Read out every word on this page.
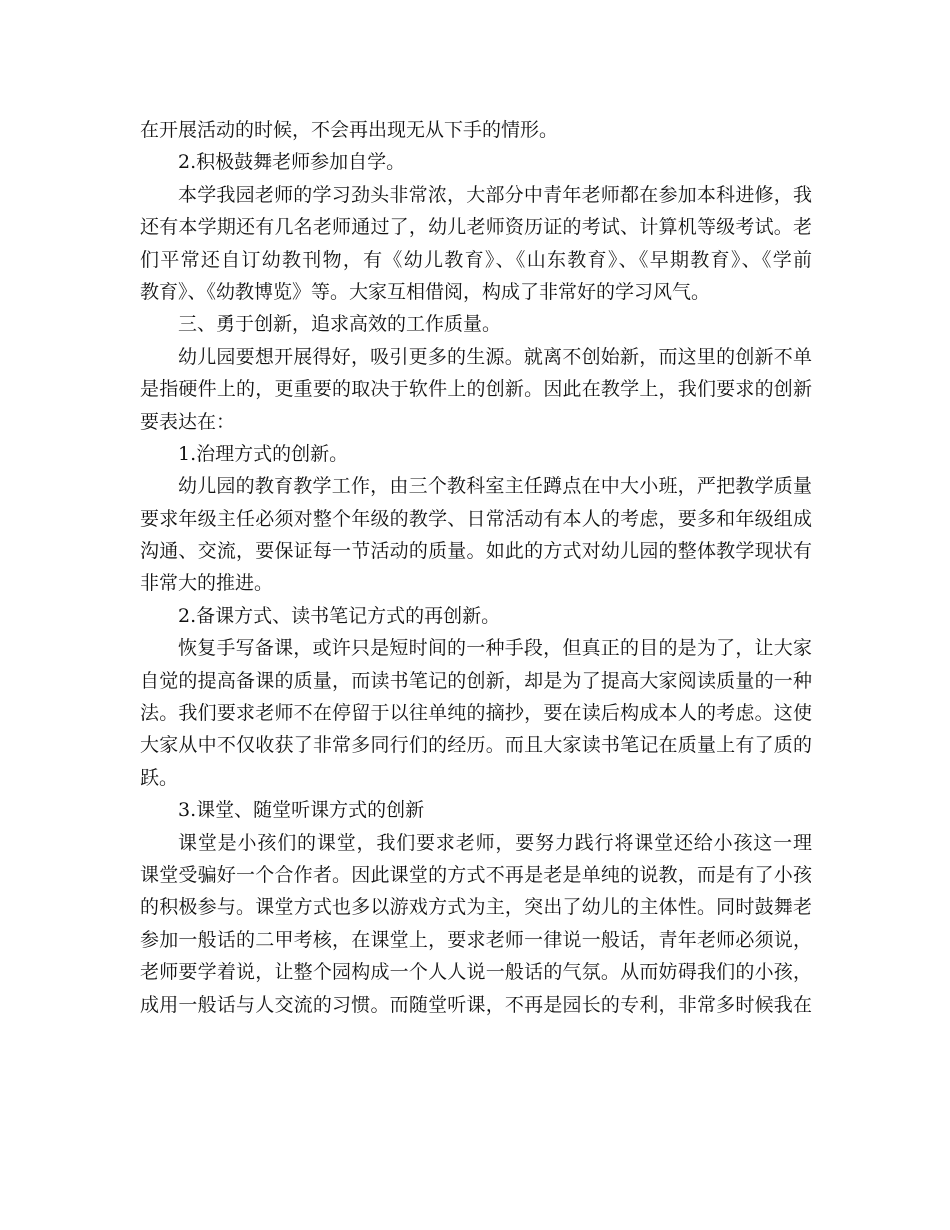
在开展活动的时候，不会再出现无从下手的情形。
2.积极鼓舞老师参加自学。
本学我园老师的学习劲头非常浓，大部分中青年老师都在参加本科进修，我
还有本学期还有几名老师通过了，幼儿老师资历证的考试、计算机等级考试。老
们平常还自订幼教刊物，有《幼儿教育》、《山东教育》、《早期教育》、《学前
教育》、《幼教博览》等。大家互相借阅，构成了非常好的学习风气。
三、勇于创新，追求高效的工作质量。
幼儿园要想开展得好，吸引更多的生源。就离不创始新，而这里的创新不单
是指硬件上的，更重要的取决于软件上的创新。因此在教学上，我们要求的创新
要表达在：
1.治理方式的创新。
幼儿园的教育教学工作，由三个教科室主任蹲点在中大小班，严把教学质量
要求年级主任必须对整个年级的教学、日常活动有本人的考虑，要多和年级组成
沟通、交流，要保证每一节活动的质量。如此的方式对幼儿园的整体教学现状有
非常大的推进。
2.备课方式、读书笔记方式的再创新。
恢复手写备课，或许只是短时间的一种手段，但真正的目的是为了，让大家
自觉的提高备课的质量，而读书笔记的创新，却是为了提高大家阅读质量的一种
法。我们要求老师不在停留于以往单纯的摘抄，要在读后构成本人的考虑。这使
大家从中不仅收获了非常多同行们的经历。而且大家读书笔记在质量上有了质的
跃。
3.课堂、随堂听课方式的创新
课堂是小孩们的课堂，我们要求老师，要努力践行将课堂还给小孩这一理
课堂受骗好一个合作者。因此课堂的方式不再是老是单纯的说教，而是有了小孩
的积极参与。课堂方式也多以游戏方式为主，突出了幼儿的主体性。同时鼓舞老
参加一般话的二甲考核，在课堂上，要求老师一律说一般话，青年老师必须说，
老师要学着说，让整个园构成一个人人说一般话的气氛。从而妨碍我们的小孩，
成用一般话与人交流的习惯。而随堂听课，不再是园长的专利，非常多时候我在
